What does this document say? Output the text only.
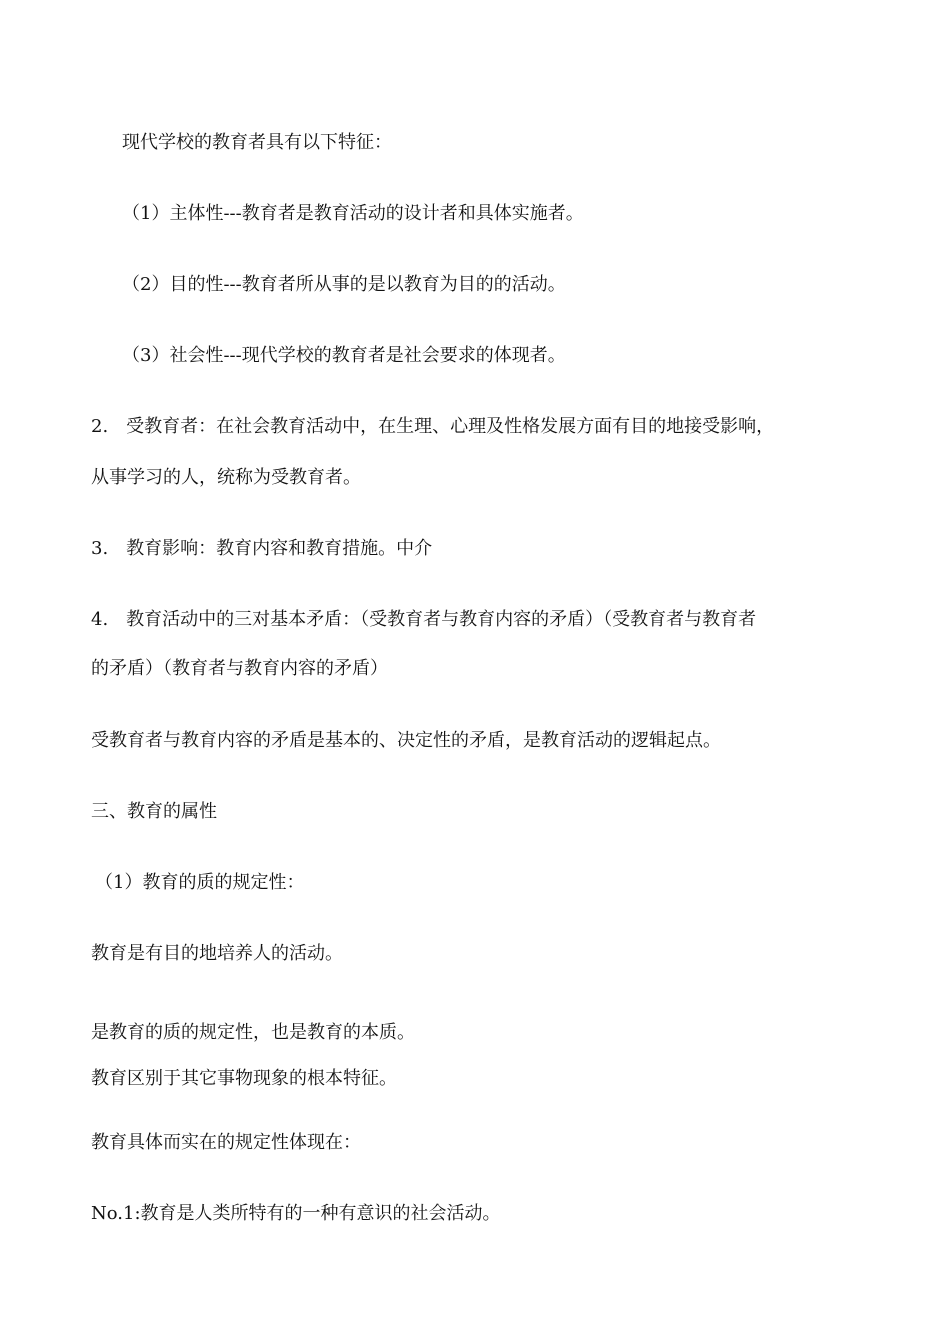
现代学校的教育者具有以下特征：

（1）主体性---教育者是教育活动的设计者和具体实施者。

（2）目的性---教育者所从事的是以教育为目的的活动。

（3）社会性---现代学校的教育者是社会要求的体现者。

2.　受教育者：在社会教育活动中，在生理、心理及性格发展方面有目的地接受影响，

从事学习的人，统称为受教育者。

3.　教育影响：教育内容和教育措施。中介

4.　教育活动中的三对基本矛盾：（受教育者与教育内容的矛盾）（受教育者与教育者

的矛盾）（教育者与教育内容的矛盾）

受教育者与教育内容的矛盾是基本的、决定性的矛盾，是教育活动的逻辑起点。

三、教育的属性

（1）教育的质的规定性：

教育是有目的地培养人的活动。

是教育的质的规定性，也是教育的本质。

教育区别于其它事物现象的根本特征。

教育具体而实在的规定性体现在：

No.1:教育是人类所特有的一种有意识的社会活动。
